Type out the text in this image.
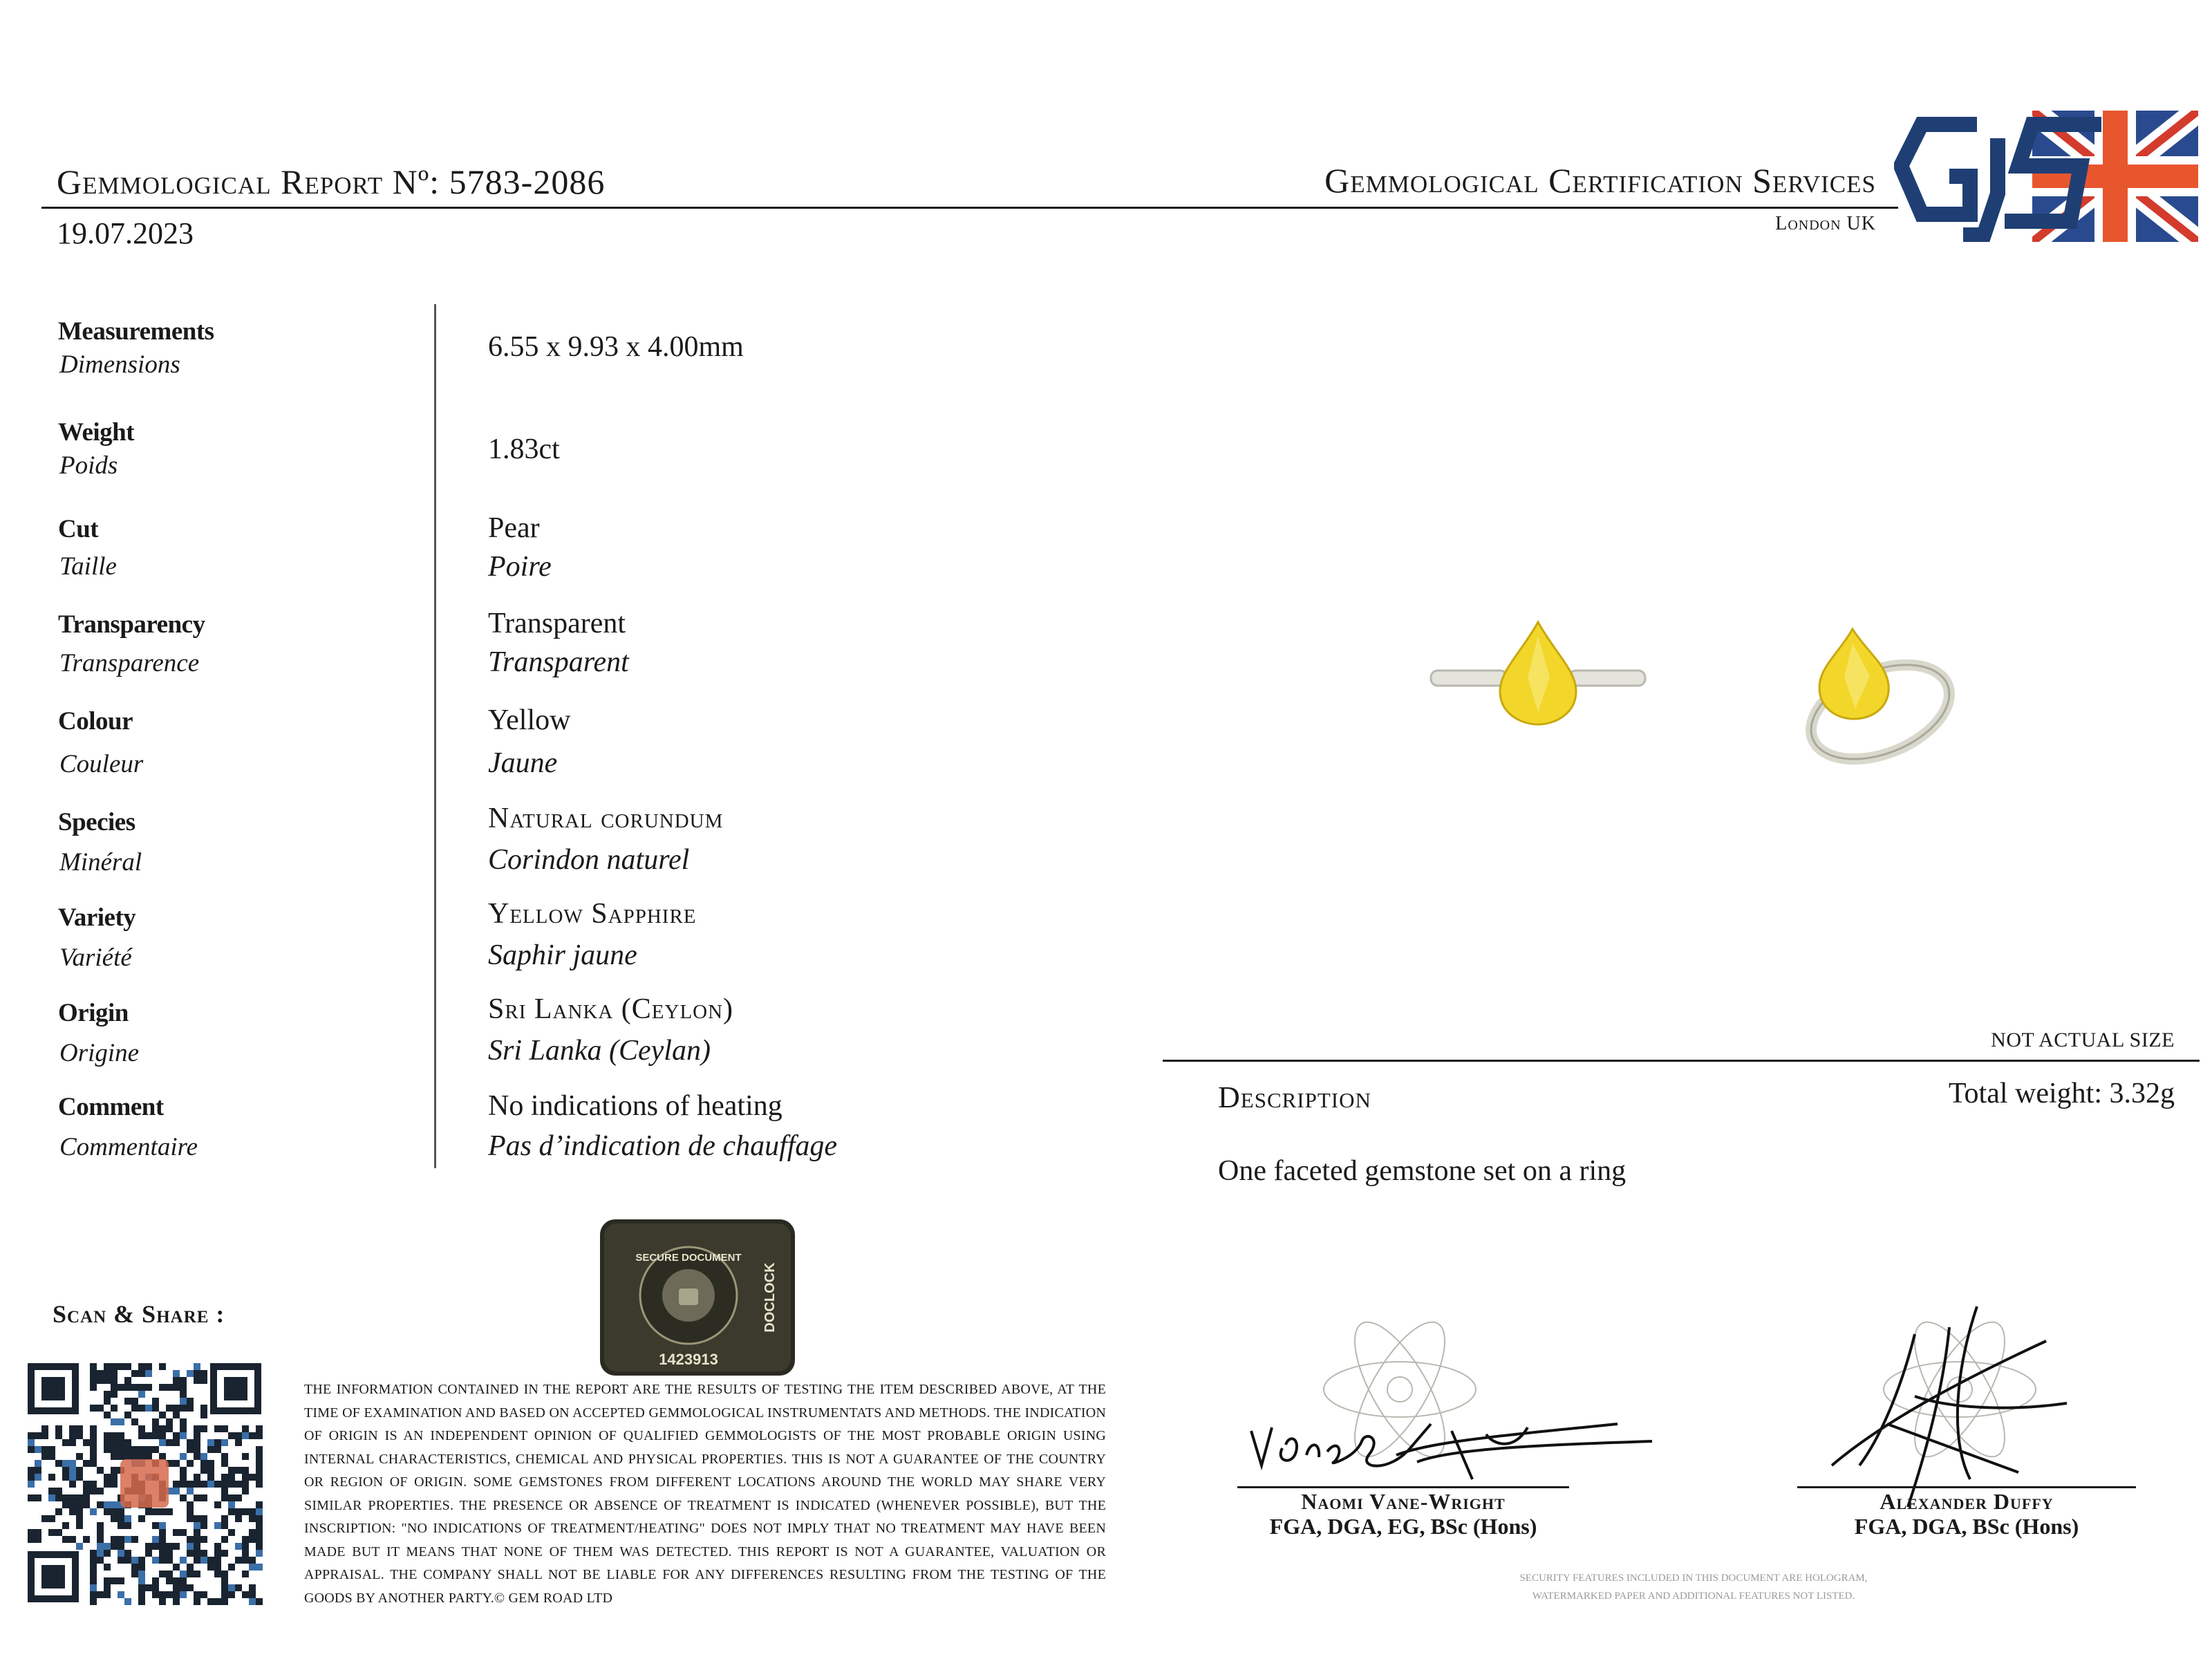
Gemmological Report Nº: 5783-2086
19.07.2023
Gemmological Certification Services
London UK
Measurements
Dimensions
6.55 x 9.93 x 4.00mm
Weight
Poids
1.83ct
Cut
Taille
Pear
Poire
Transparency
Transparence
Transparent
Transparent
Colour
Couleur
Yellow
Jaune
Species
Minéral
Natural corundum
Corindon naturel
Variety
Variété
Yellow Sapphire
Saphir jaune
Origin
Origine
Sri Lanka (Ceylon)
Sri Lanka (Ceylan)
Comment
Commentaire
No indications of heating
Pas d’indication de chauffage
NOT ACTUAL SIZE
Description	Total weight: 3.32g
One faceted gemstone set on a ring
Scan & Share :
1423913
SECURE DOCUMENT
DOCLOCK
THE INFORMATION CONTAINED IN THE REPORT ARE THE RESULTS OF TESTING THE ITEM DESCRIBED ABOVE, AT THE TIME OF EXAMINATION AND BASED ON ACCEPTED GEMMOLOGICAL INSTRUMENTATS AND METHODS. THE INDICATION OF ORIGIN IS AN INDEPENDENT OPINION OF QUALIFIED GEMMOLOGISTS OF THE MOST PROBABLE ORIGIN USING INTERNAL CHARACTERISTICS, CHEMICAL AND PHYSICAL PROPERTIES. THIS IS NOT A GUARANTEE OF THE COUNTRY OR REGION OF ORIGIN. SOME GEMSTONES FROM DIFFERENT LOCATIONS AROUND THE WORLD MAY SHARE VERY SIMILAR PROPERTIES. THE PRESENCE OR ABSENCE OF TREATMENT IS INDICATED (WHENEVER POSSIBLE), BUT THE INSCRIPTION: "NO INDICATIONS OF TREATMENT/HEATING" DOES NOT IMPLY THAT NO TREATMENT MAY HAVE BEEN MADE BUT IT MEANS THAT NONE OF THEM WAS DETECTED. THIS REPORT IS NOT A GUARANTEE, VALUATION OR APPRAISAL. THE COMPANY SHALL NOT BE LIABLE FOR ANY DIFFERENCES RESULTING FROM THE TESTING OF THE GOODS BY ANOTHER PARTY.© GEM ROAD LTD
Naomi Vane-Wright
FGA, DGA, EG, BSc (Hons)
Alexander Duffy
FGA, DGA, BSc (Hons)
SECURITY FEATURES INCLUDED IN THIS DOCUMENT ARE HOLOGRAM, WATERMARKED PAPER AND ADDITIONAL FEATURES NOT LISTED.
